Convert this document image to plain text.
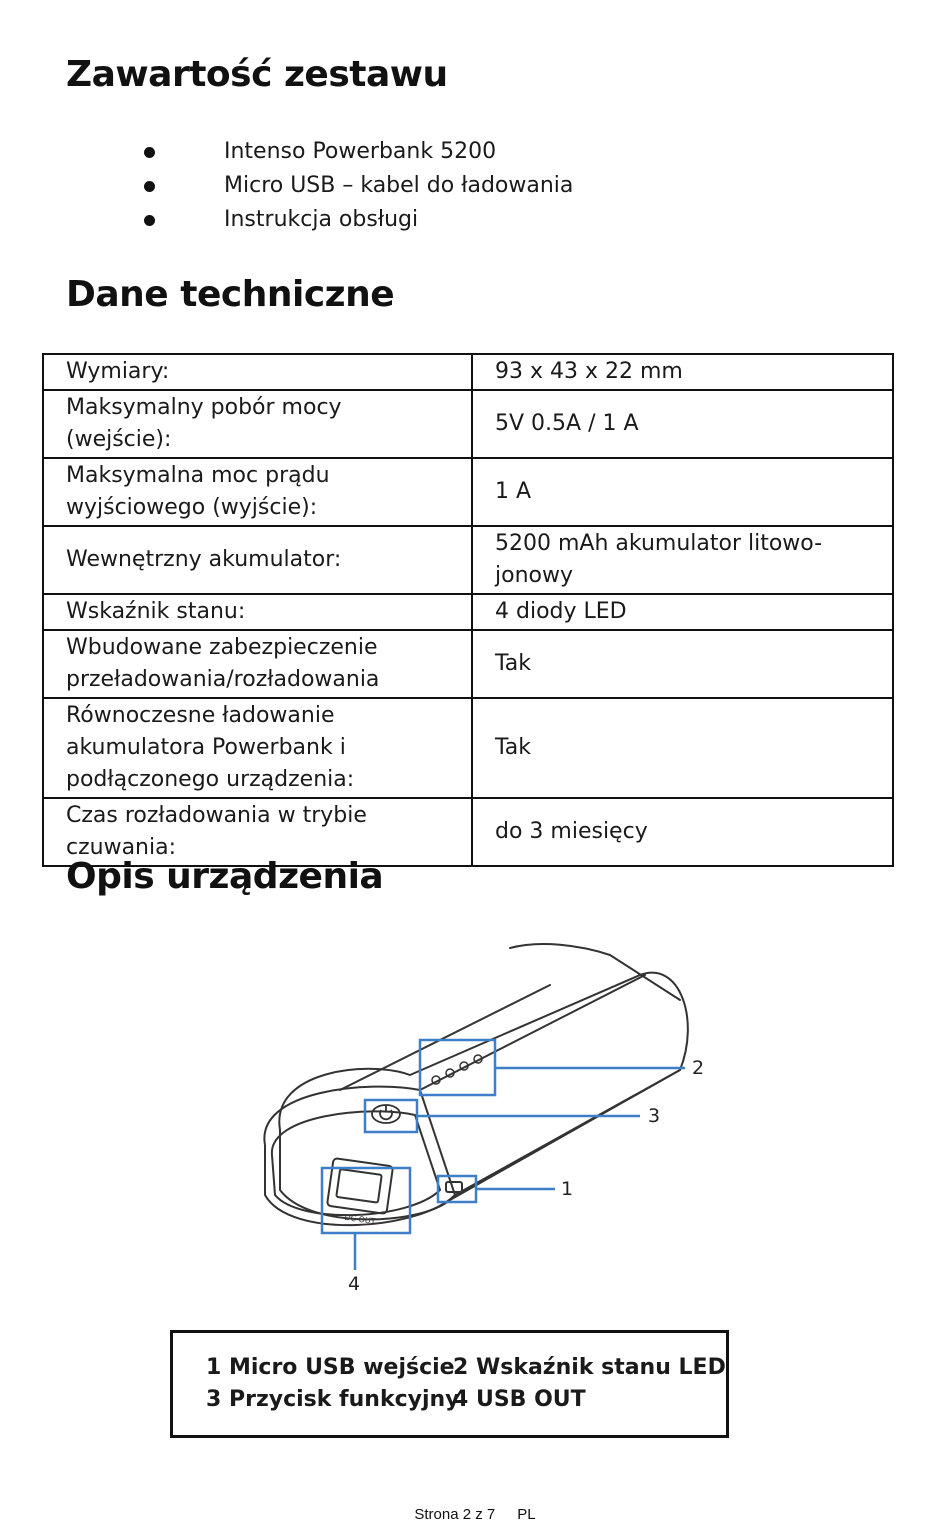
Zawartość zestawu
Intenso Powerbank 5200
Micro USB – kabel do ładowania
Instrukcja obsługi
Dane techniczne
Wymiary:	93 x 43 x 22 mm
Maksymalny pobór mocy (wejście):	5V 0.5A / 1 A
Maksymalna moc prądu wyjściowego (wyjście):	1 A
Wewnętrzny akumulator:	5200 mAh akumulator litowo-jonowy
Wskaźnik stanu:	4 diody LED
Wbudowane zabezpieczenie przeładowania/rozładowania	Tak
Równoczesne ładowanie akumulatora Powerbank i podłączonego urządzenia:	Tak
Czas rozładowania w trybie czuwania:	do 3 miesięcy
Opis urządzenia
2
3
1
4
DC OUT
1 Micro USB wejście
2 Wskaźnik stanu LED
3 Przycisk funkcyjny
4 USB OUT
Strona 2 z 7 PL
